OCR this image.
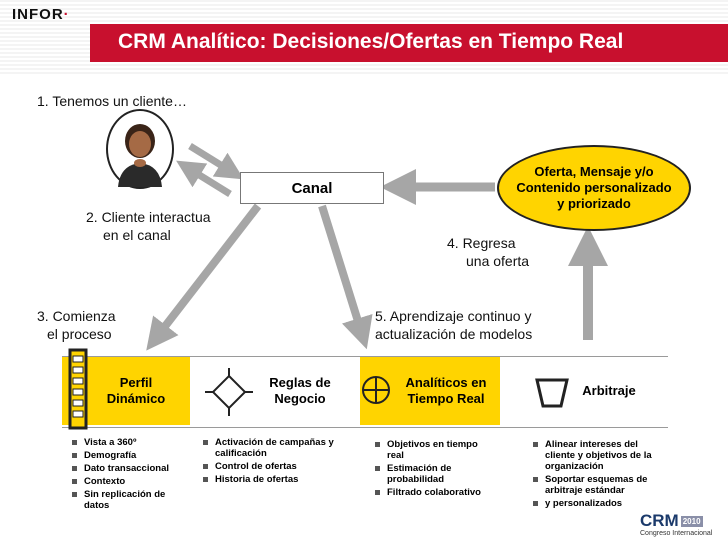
INFOR·
CRM Analítico: Decisiones/Ofertas en Tiempo Real
1. Tenemos un cliente…
2. Cliente interactua
en el canal
3. Comienza
el proceso
4. Regresa
una oferta
5. Aprendizaje continuo y
actualización de modelos
Canal
Oferta, Mensaje y/o
Contenido personalizado
y priorizado
Perfil
Dinámico
Reglas de
Negocio
Analíticos en
Tiempo Real
Arbitraje
Vista a 360º
Demografía
Dato transaccional
Contexto
Sin replicación de datos
Activación de campañas y calificación
Control de ofertas
Historia de ofertas
Objetivos en tiempo real
Estimación de probabilidad
Filtrado colaborativo
Alinear intereses del cliente y objetivos de la organización
Soportar esquemas de arbitraje estándar
y personalizados
CRM 2010
Congreso Internacional
